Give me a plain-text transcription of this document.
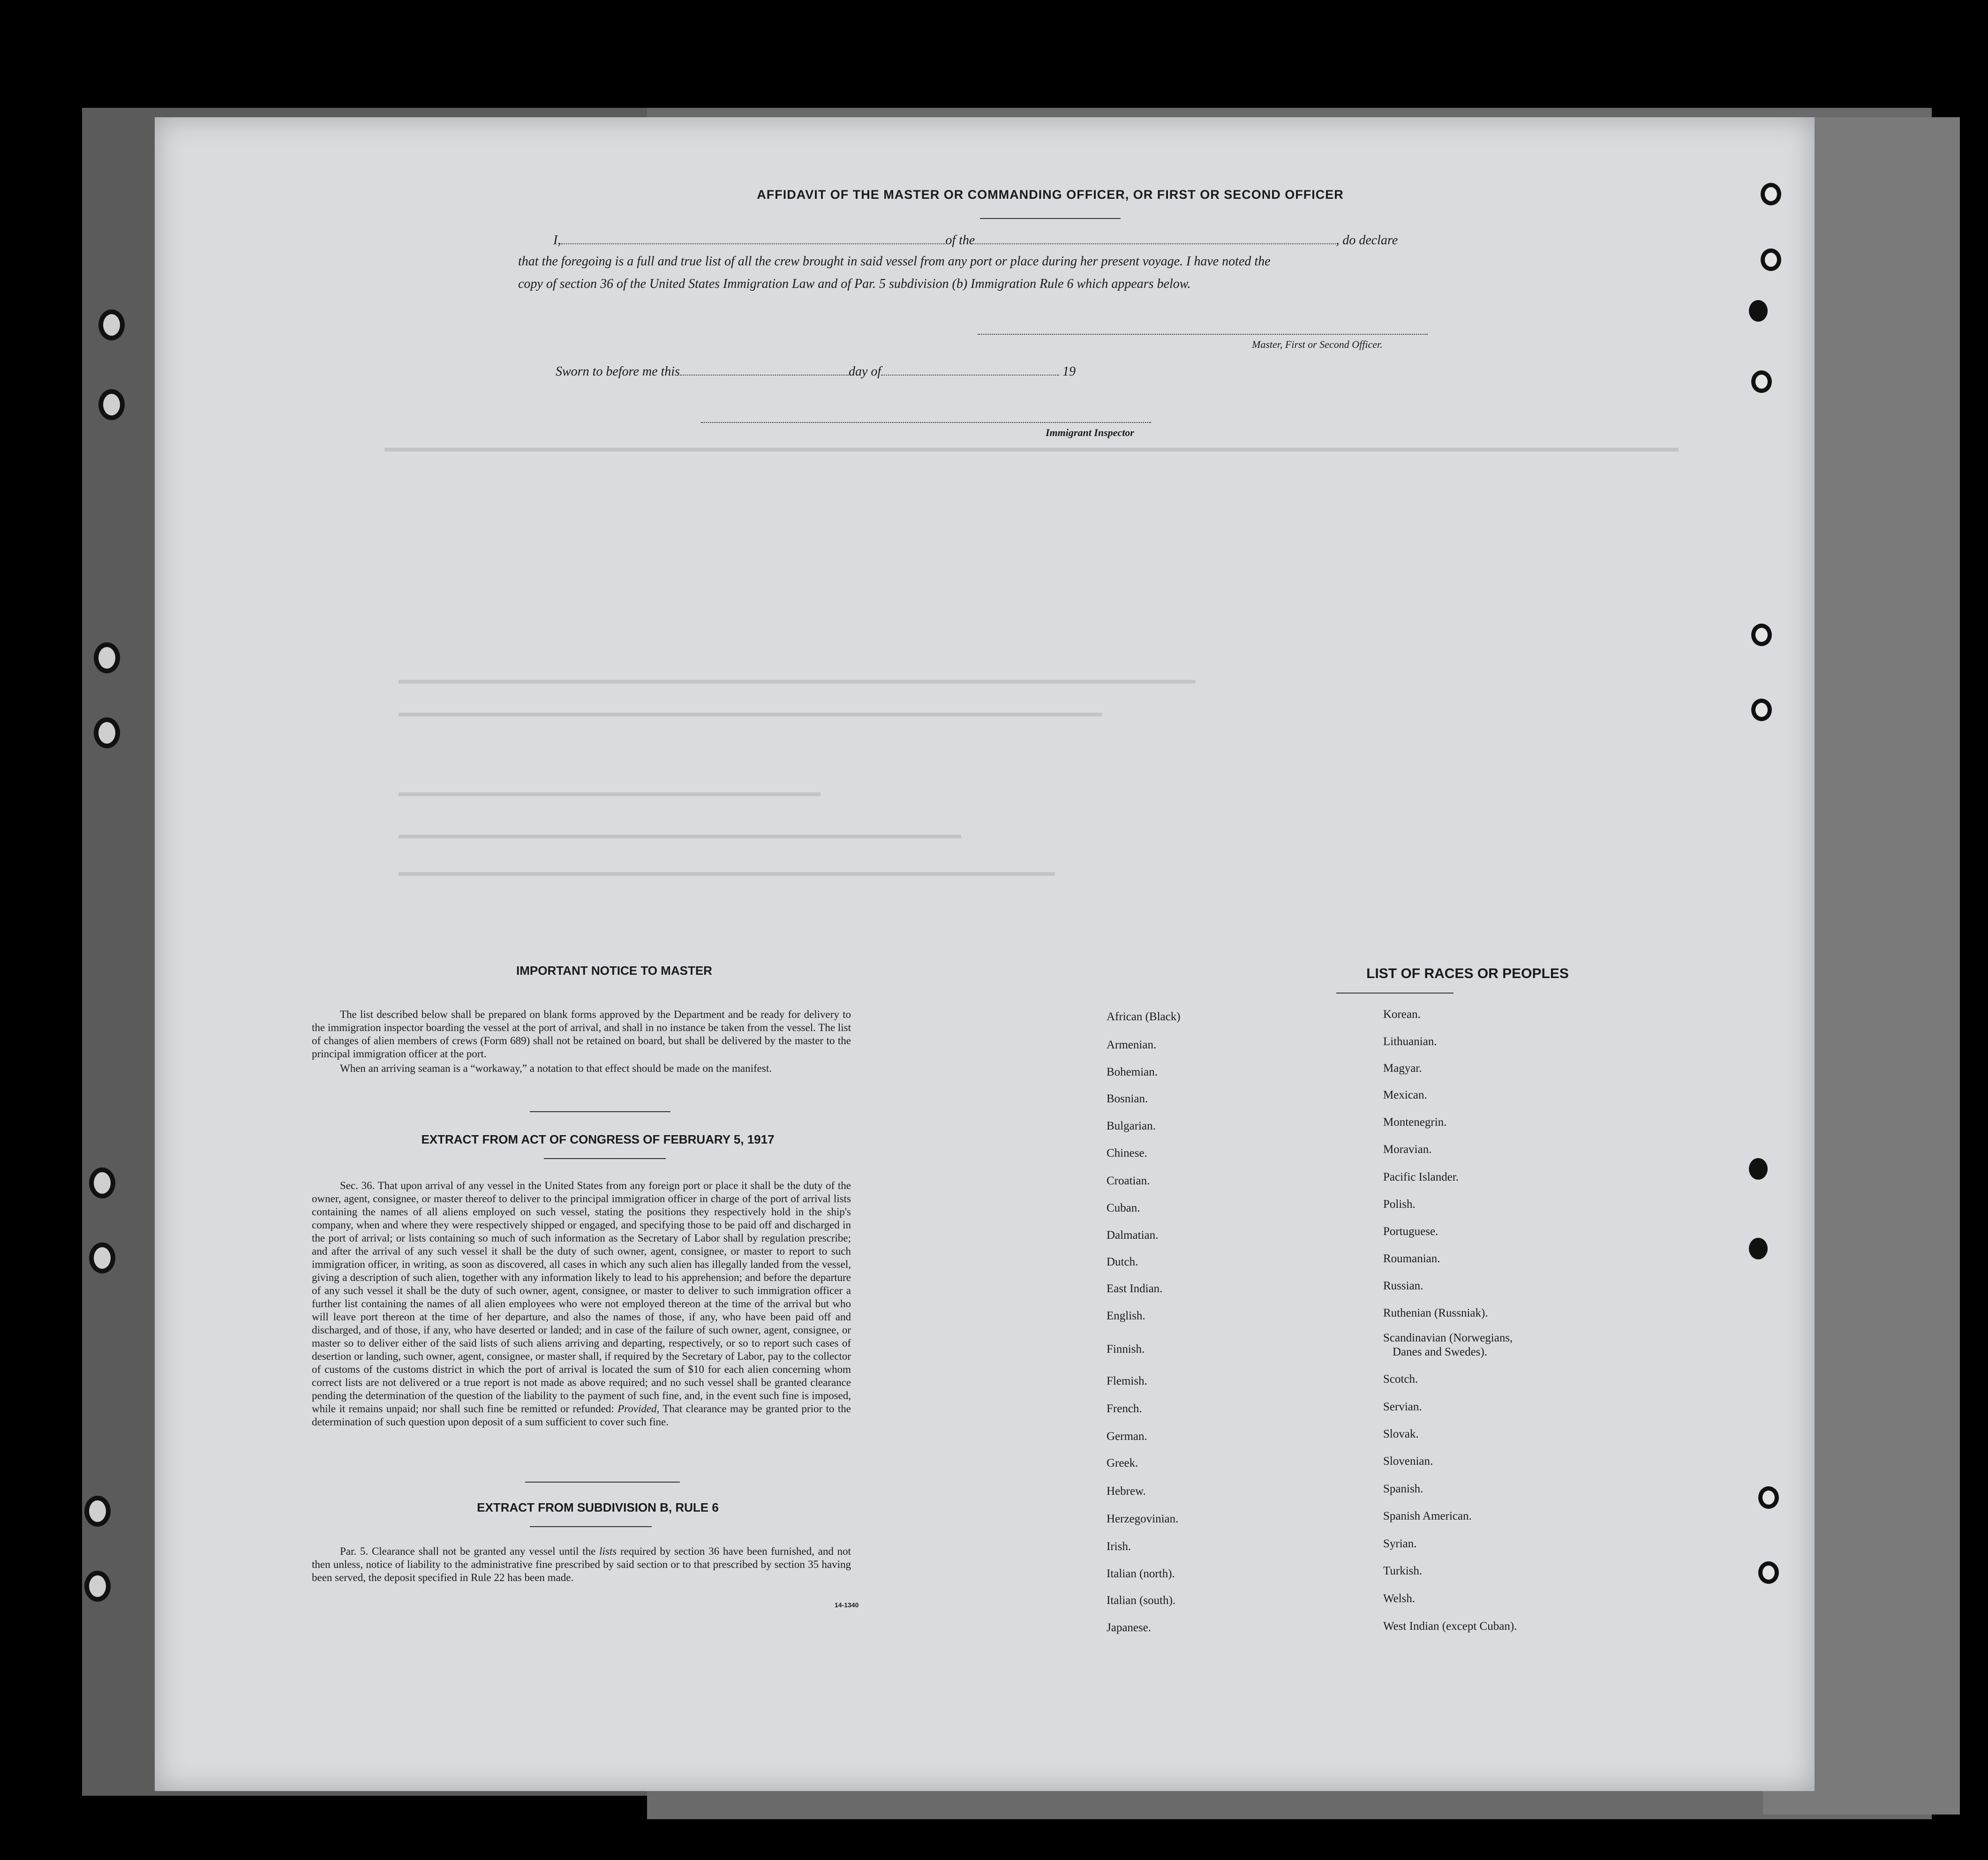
AFFIDAVIT OF THE MASTER OR COMMANDING OFFICER, OR FIRST OR SECOND OFFICER
I,	of the	, do declare
that the foregoing is a full and true list of all the crew brought in said vessel from any port or place during her present voyage. I have noted the
copy of section 36 of the United States Immigration Law and of Par. 5 subdivision (b) Immigration Rule 6 which appears below.
Master, First or Second Officer.
Sworn to before me this	day of	19
Immigrant Inspector
IMPORTANT NOTICE TO MASTER
The list described below shall be prepared on blank forms approved by the Department and be ready for delivery to the immigration inspector boarding the vessel at the port of arrival, and shall in no instance be taken from the vessel. The list of changes of alien members of crews (Form 689) shall not be retained on board, but shall be delivered by the master to the principal immigration officer at the port.
When an arriving seaman is a “workaway,” a notation to that effect should be made on the manifest.
EXTRACT FROM ACT OF CONGRESS OF FEBRUARY 5, 1917
Sec. 36. That upon arrival of any vessel in the United States from any foreign port or place it shall be the duty of the owner, agent, consignee, or master thereof to deliver to the principal immigration officer in charge of the port of arrival lists containing the names of all aliens employed on such vessel, stating the positions they respectively hold in the ship's company, when and where they were respectively shipped or engaged, and specifying those to be paid off and discharged in the port of arrival; or lists containing so much of such information as the Secretary of Labor shall by regulation prescribe; and after the arrival of any such vessel it shall be the duty of such owner, agent, consignee, or master to report to such immigration officer, in writing, as soon as discovered, all cases in which any such alien has illegally landed from the vessel, giving a description of such alien, together with any information likely to lead to his apprehension; and before the departure of any such vessel it shall be the duty of such owner, agent, consignee, or master to deliver to such immigration officer a further list containing the names of all alien employees who were not employed thereon at the time of the arrival but who will leave port thereon at the time of her departure, and also the names of those, if any, who have been paid off and discharged, and of those, if any, who have deserted or landed; and in case of the failure of such owner, agent, consignee, or master so to deliver either of the said lists of such aliens arriving and departing, respectively, or so to report such cases of desertion or landing, such owner, agent, consignee, or master shall, if required by the Secretary of Labor, pay to the collector of customs of the customs district in which the port of arrival is located the sum of $10 for each alien concerning whom correct lists are not delivered or a true report is not made as above required; and no such vessel shall be granted clearance pending the determination of the question of the liability to the payment of such fine, and, in the event such fine is imposed, while it remains unpaid; nor shall such fine be remitted or refunded: Provided, That clearance may be granted prior to the determination of such question upon deposit of a sum sufficient to cover such fine.
EXTRACT FROM SUBDIVISION B, RULE 6
Par. 5. Clearance shall not be granted any vessel until the lists required by section 36 have been furnished, and not then unless, notice of liability to the administrative fine prescribed by said section or to that prescribed by section 35 having been served, the deposit specified in Rule 22 has been made.
14-1340
LIST OF RACES OR PEOPLES
African (Black)
Armenian.
Bohemian.
Bosnian.
Bulgarian.
Chinese.
Croatian.
Cuban.
Dalmatian.
Dutch.
East Indian.
English.
Finnish.
Flemish.
French.
German.
Greek.
Hebrew.
Herzegovinian.
Irish.
Italian (north).
Italian (south).
Japanese.
Korean.
Lithuanian.
Magyar.
Mexican.
Montenegrin.
Moravian.
Pacific Islander.
Polish.
Portuguese.
Roumanian.
Russian.
Ruthenian (Russniak).
Scandinavian (Norwegians,
Danes and Swedes).
Scotch.
Servian.
Slovak.
Slovenian.
Spanish.
Spanish American.
Syrian.
Turkish.
Welsh.
West Indian (except Cuban).
